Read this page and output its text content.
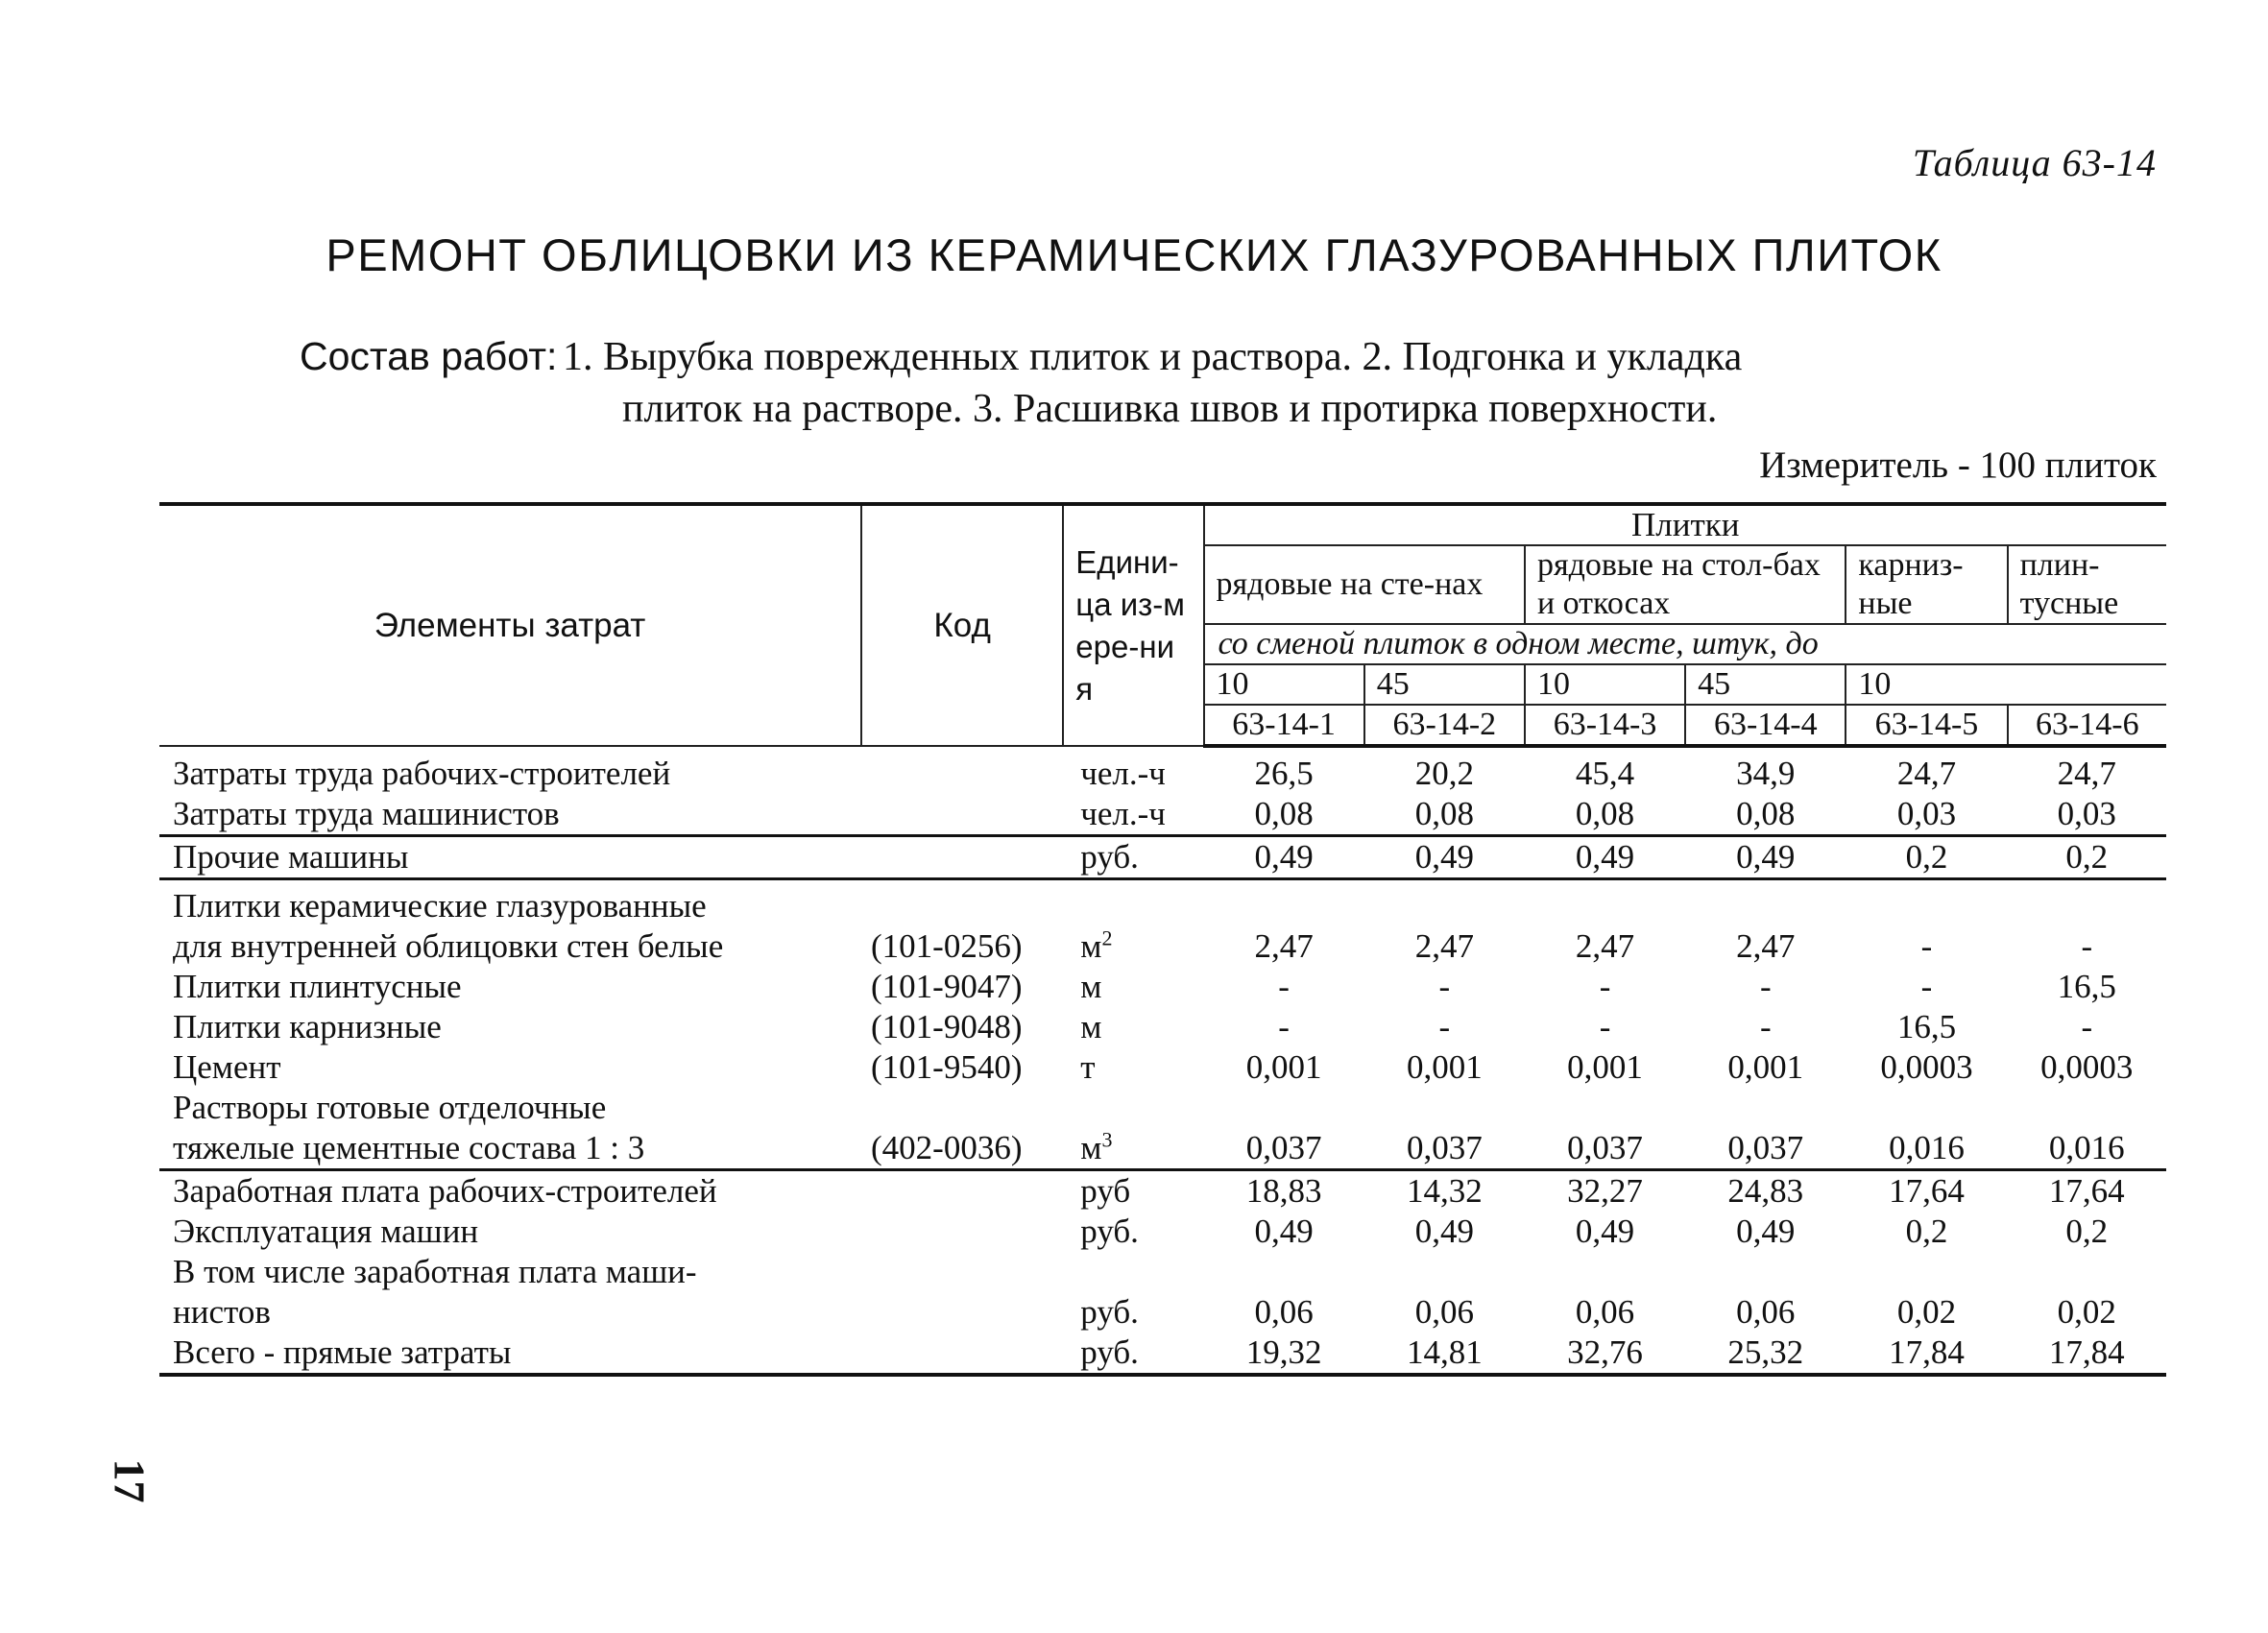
Таблица 63-14
РЕМОНТ ОБЛИЦОВКИ ИЗ КЕРАМИЧЕСКИХ ГЛАЗУРОВАННЫХ ПЛИТОК
Состав работ: 1. Вырубка поврежденных плиток и раствора. 2. Подгонка и укладка
плиток на растворе. 3. Расшивка швов и протирка поверхности.
Измеритель - 100 плиток
Элементы затрат	Код	Едини-ца из-мере-ния	Плитки					
			рядовые на сте-нах		рядовые на стол-бах и откосах		карниз-ные	плин-тусные
			со сменой плиток в одном месте, штук, до					
			10	45	10	45	10	
			63-14-1	63-14-2	63-14-3	63-14-4	63-14-5	63-14-6
Затраты труда рабочих-строителей		чел.-ч	26,5	20,2	45,4	34,9	24,7	24,7
Затраты труда машинистов		чел.-ч	0,08	0,08	0,08	0,08	0,03	0,03
Прочие машины		руб.	0,49	0,49	0,49	0,49	0,2	0,2

Плитки керамические глазурованные
для внутренней облицовки стен белые	(101-0256)	$м^2$	2,47	2,47	2,47	2,47	-	-
Плитки плинтусные	(101-9047)	м	-	-	-	-	-	16,5
Плитки карнизные	(101-9048)	м	-	-	-	-	16,5	-
Цемент	(101-9540)	т	0,001	0,001	0,001	0,001	0,0003	0,0003

Растворы готовые отделочные
тяжелые цементные состава 1 : 3	(402-0036)	$м^3$	0,037	0,037	0,037	0,037	0,016	0,016
Заработная плата рабочих-строителей		руб	18,83	14,32	32,27	24,83	17,64	17,64
Эксплуатация машин		руб.	0,49	0,49	0,49	0,49	0,2	0,2

В том числе заработная плата маши-
нистов		руб.	0,06	0,06	0,06	0,06	0,02	0,02
Всего - прямые затраты		руб.	19,32	14,81	32,76	25,32	17,84	17,84
17
